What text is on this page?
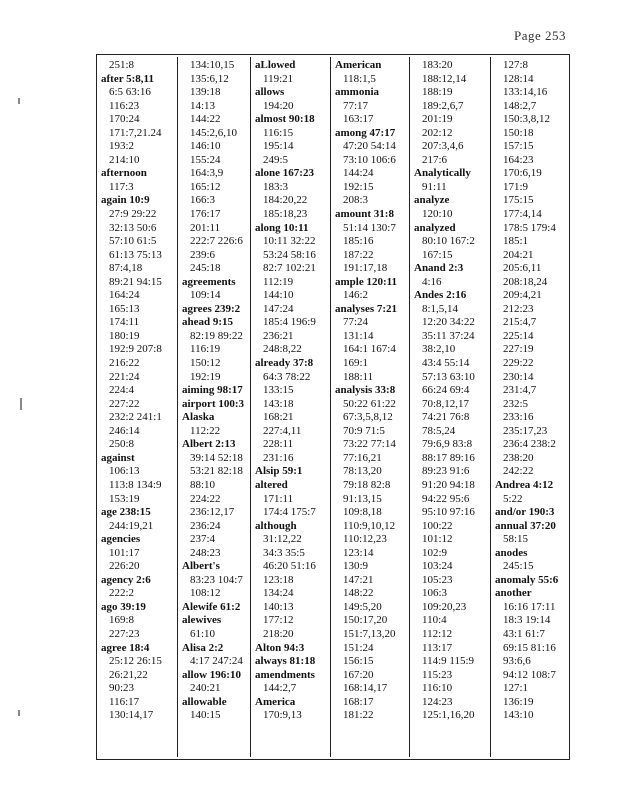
Page 253
251:8
after 5:8,11
6:5 63:16
116:23
170:24
171:7,21.24
193:2
214:10
afternoon
117:3
again 10:9
27:9 29:22
32:13 50:6
57:10 61:5
61:13 75:13
87:4,18
89:21 94:15
164:24
165:13
174:11
180:19
192:9 207:8
216:22
221:24
224:4
227:22
232:2 241:1
246:14
250:8
against
106:13
113:8 134:9
153:19
age 238:15
244:19,21
agencies
101:17
226:20
agency 2:6
222:2
ago 39:19
169:8
227:23
agree 18:4
25:12 26:15
26:21,22
90:23
116:17
130:14,17
134:10,15
135:6,12
139:18
14:13
144:22
145:2,6,10
146:10
155:24
164:3,9
165:12
166:3
176:17
201:11
222:7 226:6
239:6
245:18
agreements
109:14
agrees 239:2
ahead 9:15
82:19 89:22
116:19
150:12
192:19
aiming 98:17
airport 100:3
Alaska
112:22
Albert 2:13
39:14 52:18
53:21 82:18
88:10
224:22
236:12,17
236:24
237:4
248:23
Albert's
83:23 104:7
108:12
Alewife 61:2
alewives
61:10
Alisa 2:2
4:17 247:24
allow 196:10
240:21
allowable
140:15
aLlowed
119:21
allows
194:20
almost 90:18
116:15
195:14
249:5
alone 167:23
183:3
184:20,22
185:18,23
along 10:11
10:11 32:22
53:24 58:16
82:7 102:21
112:19
144:10
147:24
185:4 196:9
236:21
248:8,22
already 37:8
64:3 78:22
133:15
143:18
168:21
227:4,11
228:11
231:16
Alsip 59:1
altered
171:11
174:4 175:7
although
31:12,22
34:3 35:5
46:20 51:16
123:18
134:24
140:13
177:12
218:20
Alton 94:3
always 81:18
amendments
144:2,7
America
170:9,13
American
118:1,5
ammonia
77:17
163:17
among 47:17
47:20 54:14
73:10 106:6
144:24
192:15
208:3
amount 31:8
51:14 130:7
185:16
187:22
191:17,18
ample 120:11
146:2
analyses 7:21
77:24
131:14
164:1 167:4
169:1
188:11
analysis 33:8
50:22 61:22
67:3,5,8,12
70:9 71:5
73:22 77:14
77:16,21
78:13,20
79:18 82:8
91:13,15
109:8,18
110:9,10,12
110:12,23
123:14
130:9
147:21
148:22
149:5,20
150:17,20
151:7,13,20
151:24
156:15
167:20
168:14,17
168:17
181:22
183:20
188:12,14
188:19
189:2,6,7
201:19
202:12
207:3,4,6
217:6
Analytically
91:11
analyze
120:10
analyzed
80:10 167:2
167:15
Anand 2:3
4:16
Andes 2:16
8:1,5,14
12:20 34:22
35:11 37:24
38:2,10
43:4 55:14
57:13 63:10
66:24 69:4
70:8,12,17
74:21 76:8
78:5,24
79:6,9 83:8
88:17 89:16
89:23 91:6
91:20 94:18
94:22 95:6
95:10 97:16
100:22
101:12
102:9
103:24
105:23
106:3
109:20,23
110:4
112:12
113:17
114:9 115:9
115:23
116:10
124:23
125:1,16,20
127:8
128:14
133:14,16
148:2,7
150:3,8,12
150:18
157:15
164:23
170:6,19
171:9
175:15
177:4,14
178:5 179:4
185:1
204:21
205:6,11
208:18,24
209:4,21
212:23
215:4,7
225:14
227:19
229:22
230:14
231:4,7
232:5
233:16
235:17,23
236:4 238:2
238:20
242:22
Andrea 4:12
5:22
and/or 190:3
annual 37:20
58:15
anodes
245:15
anomaly 55:6
another
16:16 17:11
18:3 19:14
43:1 61:7
69:15 81:16
93:6,6
94:12 108:7
127:1
136:19
143:10
